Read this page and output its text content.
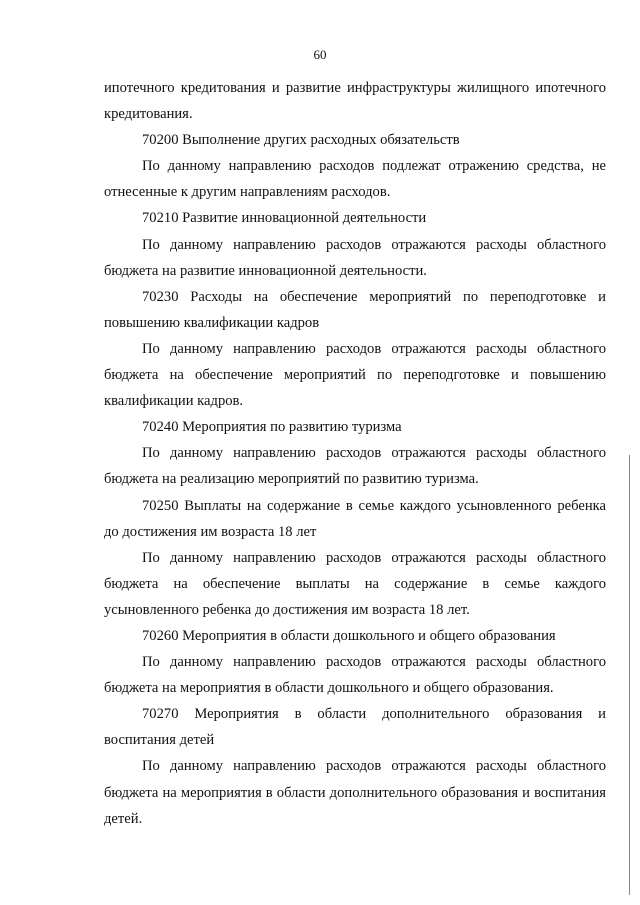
60

ипотечного кредитования и развитие инфраструктуры жилищного ипотечного кредитования.

70200 Выполнение других расходных обязательств

По данному направлению расходов подлежат отражению средства, не отнесенные к другим направлениям расходов.

70210 Развитие инновационной деятельности

По данному направлению расходов отражаются расходы областного бюджета на развитие инновационной деятельности.

70230 Расходы на обеспечение мероприятий по переподготовке и повышению квалификации кадров

По данному направлению расходов отражаются расходы областного бюджета на обеспечение мероприятий по переподготовке и повышению квалификации кадров.

70240 Мероприятия по развитию туризма

По данному направлению расходов отражаются расходы областного бюджета на реализацию мероприятий по развитию туризма.

70250 Выплаты на содержание в семье каждого усыновленного ребенка до достижения им возраста 18 лет

По данному направлению расходов отражаются расходы областного бюджета на обеспечение выплаты на содержание в семье каждого усыновленного ребенка до достижения им возраста 18 лет.

70260 Мероприятия в области дошкольного и общего образования

По данному направлению расходов отражаются расходы областного бюджета на мероприятия в области дошкольного и общего образования.

70270 Мероприятия в области дополнительного образования и воспитания детей

По данному направлению расходов отражаются расходы областного бюджета на мероприятия в области дополнительного образования и воспитания детей.
